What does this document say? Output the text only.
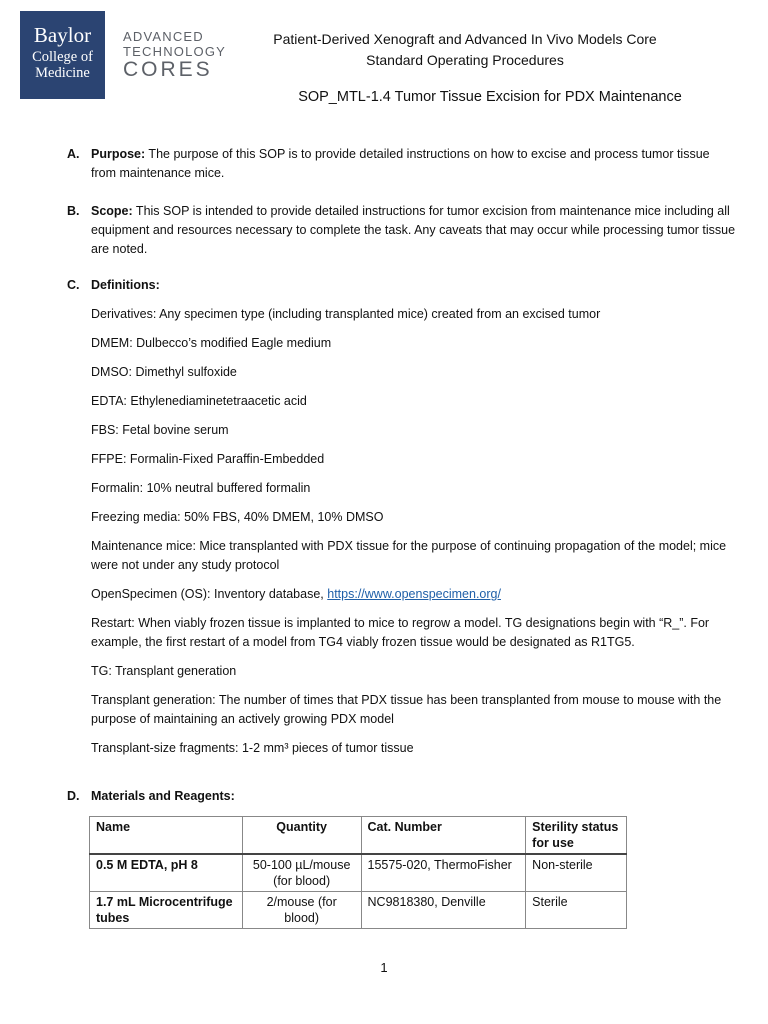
Baylor
College of
Medicine
ADVANCED
TECHNOLOGY
CORES
Patient-Derived Xenograft and Advanced In Vivo Models Core
Standard Operating Procedures
SOP_MTL-1.4 Tumor Tissue Excision for PDX Maintenance
A. Purpose: The purpose of this SOP is to provide detailed instructions on how to excise and process tumor tissue from maintenance mice.
B. Scope: This SOP is intended to provide detailed instructions for tumor excision from maintenance mice including all equipment and resources necessary to complete the task. Any caveats that may occur while processing tumor tissue are noted.
C. Definitions:
Derivatives: Any specimen type (including transplanted mice) created from an excised tumor
DMEM: Dulbecco’s modified Eagle medium
DMSO: Dimethyl sulfoxide
EDTA: Ethylenediaminetetraacetic acid
FBS: Fetal bovine serum
FFPE: Formalin-Fixed Paraffin-Embedded
Formalin: 10% neutral buffered formalin
Freezing media: 50% FBS, 40% DMEM, 10% DMSO
Maintenance mice: Mice transplanted with PDX tissue for the purpose of continuing propagation of the model; mice were not under any study protocol
OpenSpecimen (OS): Inventory database, https://www.openspecimen.org/
Restart: When viably frozen tissue is implanted to mice to regrow a model. TG designations begin with “R_”. For example, the first restart of a model from TG4 viably frozen tissue would be designated as R1TG5.
TG: Transplant generation
Transplant generation: The number of times that PDX tissue has been transplanted from mouse to mouse with the purpose of maintaining an actively growing PDX model
Transplant-size fragments: 1-2 mm³ pieces of tumor tissue
D. Materials and Reagents:
Name	Quantity	Cat. Number	Sterility status for use
0.5 M EDTA, pH 8	50-100 µL/mouse (for blood)	15575-020, ThermoFisher	Non-sterile
1.7 mL Microcentrifuge tubes	2/mouse (for blood)	NC9818380, Denville	Sterile
1
